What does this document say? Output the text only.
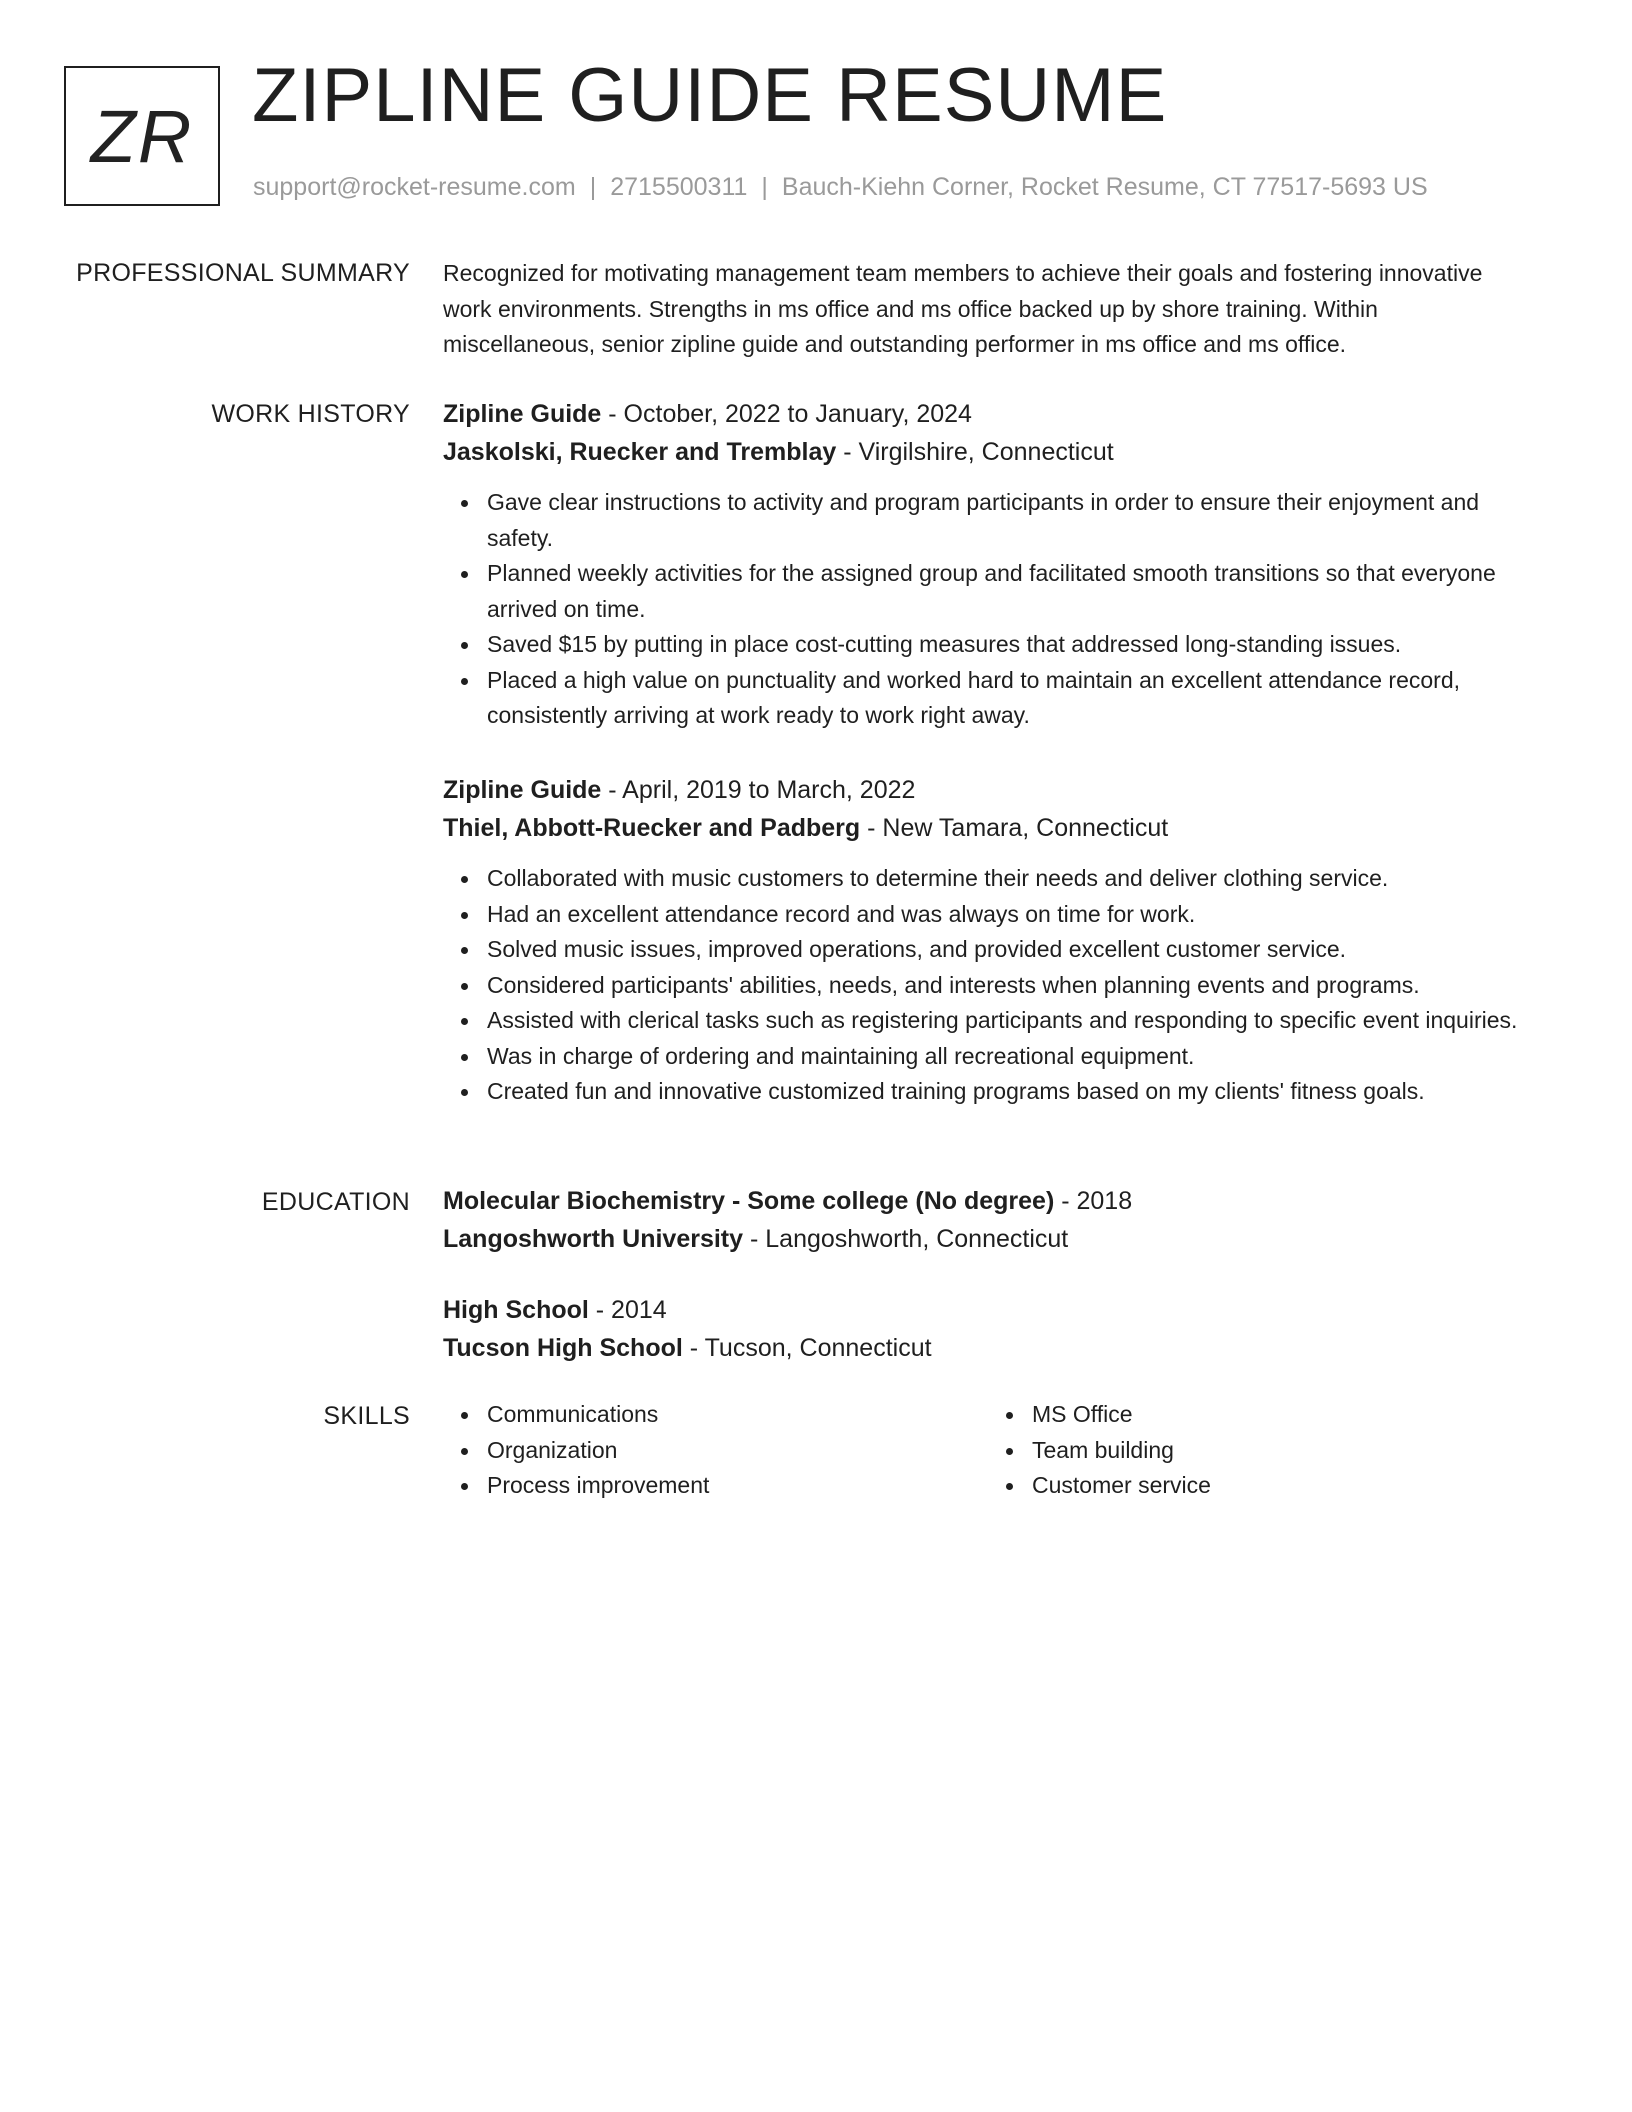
ZR ZIPLINE GUIDE RESUME
support@rocket-resume.com | 2715500311 | Bauch-Kiehn Corner, Rocket Resume, CT 77517-5693 US
PROFESSIONAL SUMMARY Recognized for motivating management team members to achieve their goals and fostering innovative work environments. Strengths in ms office and ms office backed up by shore training. Within miscellaneous, senior zipline guide and outstanding performer in ms office and ms office.
WORK HISTORY Zipline Guide - October, 2022 to January, 2024
Jaskolski, Ruecker and Tremblay - Virgilshire, Connecticut
Gave clear instructions to activity and program participants in order to ensure their enjoyment and safety.
Planned weekly activities for the assigned group and facilitated smooth transitions so that everyone arrived on time.
Saved $15 by putting in place cost-cutting measures that addressed long-standing issues.
Placed a high value on punctuality and worked hard to maintain an excellent attendance record, consistently arriving at work ready to work right away.
Zipline Guide - April, 2019 to March, 2022
Thiel, Abbott-Ruecker and Padberg - New Tamara, Connecticut
Collaborated with music customers to determine their needs and deliver clothing service.
Had an excellent attendance record and was always on time for work.
Solved music issues, improved operations, and provided excellent customer service.
Considered participants' abilities, needs, and interests when planning events and programs.
Assisted with clerical tasks such as registering participants and responding to specific event inquiries.
Was in charge of ordering and maintaining all recreational equipment.
Created fun and innovative customized training programs based on my clients' fitness goals.
EDUCATION Molecular Biochemistry - Some college (No degree) - 2018
Langoshworth University - Langoshworth, Connecticut
High School - 2014
Tucson High School - Tucson, Connecticut
SKILLS	Communications
Organization
Process improvement
MS Office
Team building
Customer service
